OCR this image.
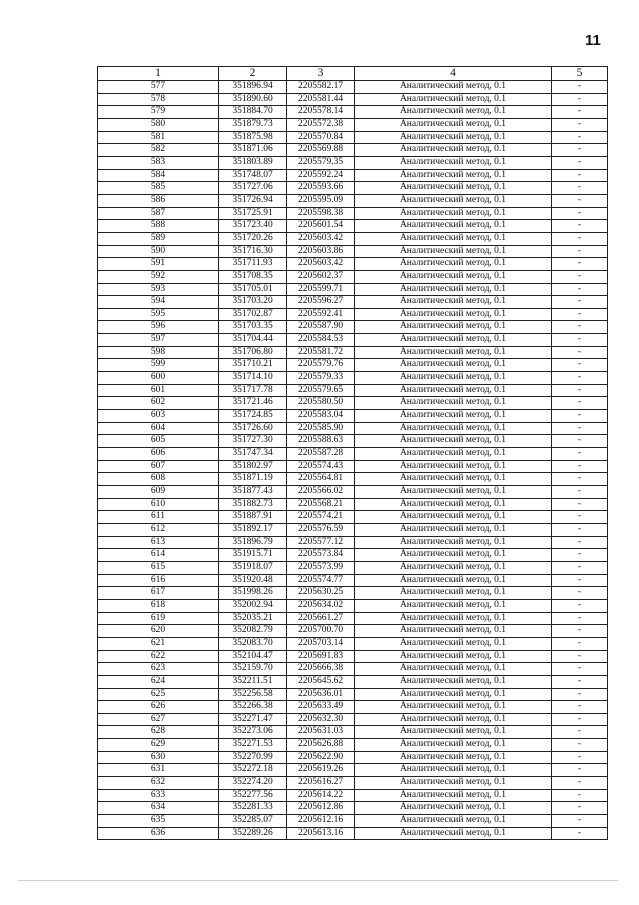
11
1	2	3	4	5
577	351896.94	2205582.17	Аналитический метод, 0.1	-
578	351890.60	2205581.44	Аналитический метод, 0.1	-
579	351884.70	2205578.14	Аналитический метод, 0.1	-
580	351879.73	2205572.38	Аналитический метод, 0.1	-
581	351875.98	2205570.84	Аналитический метод, 0.1	-
582	351871.06	2205569.88	Аналитический метод, 0.1	-
583	351803.89	2205579.35	Аналитический метод, 0.1	-
584	351748.07	2205592.24	Аналитический метод, 0.1	-
585	351727.06	2205593.66	Аналитический метод, 0.1	-
586	351726.94	2205595.09	Аналитический метод, 0.1	-
587	351725.91	2205598.38	Аналитический метод, 0.1	-
588	351723.40	2205601.54	Аналитический метод, 0.1	-
589	351720.26	2205603.42	Аналитический метод, 0.1	-
590	351716.30	2205603.86	Аналитический метод, 0.1	-
591	351711.93	2205603.42	Аналитический метод, 0.1	-
592	351708.35	2205602.37	Аналитический метод, 0.1	-
593	351705.01	2205599.71	Аналитический метод, 0.1	-
594	351703.20	2205596.27	Аналитический метод, 0.1	-
595	351702.87	2205592.41	Аналитический метод, 0.1	-
596	351703.35	2205587.90	Аналитический метод, 0.1	-
597	351704.44	2205584.53	Аналитический метод, 0.1	-
598	351706.80	2205581.72	Аналитический метод, 0.1	-
599	351710.21	2205579.76	Аналитический метод, 0.1	-
600	351714.10	2205579.33	Аналитический метод, 0.1	-
601	351717.78	2205579.65	Аналитический метод, 0.1	-
602	351721.46	2205580.50	Аналитический метод, 0.1	-
603	351724.85	2205583.04	Аналитический метод, 0.1	-
604	351726.60	2205585.90	Аналитический метод, 0.1	-
605	351727.30	2205588.63	Аналитический метод, 0.1	-
606	351747.34	2205587.28	Аналитический метод, 0.1	-
607	351802.97	2205574.43	Аналитический метод, 0.1	-
608	351871.19	2205564.81	Аналитический метод, 0.1	-
609	351877.43	2205566.02	Аналитический метод, 0.1	-
610	351882.73	2205568.21	Аналитический метод, 0.1	-
611	351887.91	2205574.21	Аналитический метод, 0.1	-
612	351892.17	2205576.59	Аналитический метод, 0.1	-
613	351896.79	2205577.12	Аналитический метод, 0.1	-
614	351915.71	2205573.84	Аналитический метод, 0.1	-
615	351918.07	2205573.99	Аналитический метод, 0.1	-
616	351920.48	2205574.77	Аналитический метод, 0.1	-
617	351998.26	2205630.25	Аналитический метод, 0.1	-
618	352002.94	2205634.02	Аналитический метод, 0.1	-
619	352035.21	2205661.27	Аналитический метод, 0.1	-
620	352082.79	2205700.70	Аналитический метод, 0.1	-
621	352083.70	2205703.14	Аналитический метод, 0.1	-
622	352104.47	2205691.83	Аналитический метод, 0.1	-
623	352159.70	2205666.38	Аналитический метод, 0.1	-
624	352211.51	2205645.62	Аналитический метод, 0.1	-
625	352256.58	2205636.01	Аналитический метод, 0.1	-
626	352266.38	2205633.49	Аналитический метод, 0.1	-
627	352271.47	2205632.30	Аналитический метод, 0.1	-
628	352273.06	2205631.03	Аналитический метод, 0.1	-
629	352271.53	2205626.88	Аналитический метод, 0.1	-
630	352270.99	2205622.90	Аналитический метод, 0.1	-
631	352272.18	2205619.26	Аналитический метод, 0.1	-
632	352274.20	2205616.27	Аналитический метод, 0.1	-
633	352277.56	2205614.22	Аналитический метод, 0.1	-
634	352281.33	2205612.86	Аналитический метод, 0.1	-
635	352285.07	2205612.16	Аналитический метод, 0.1	-
636	352289.26	2205613.16	Аналитический метод, 0.1	-
